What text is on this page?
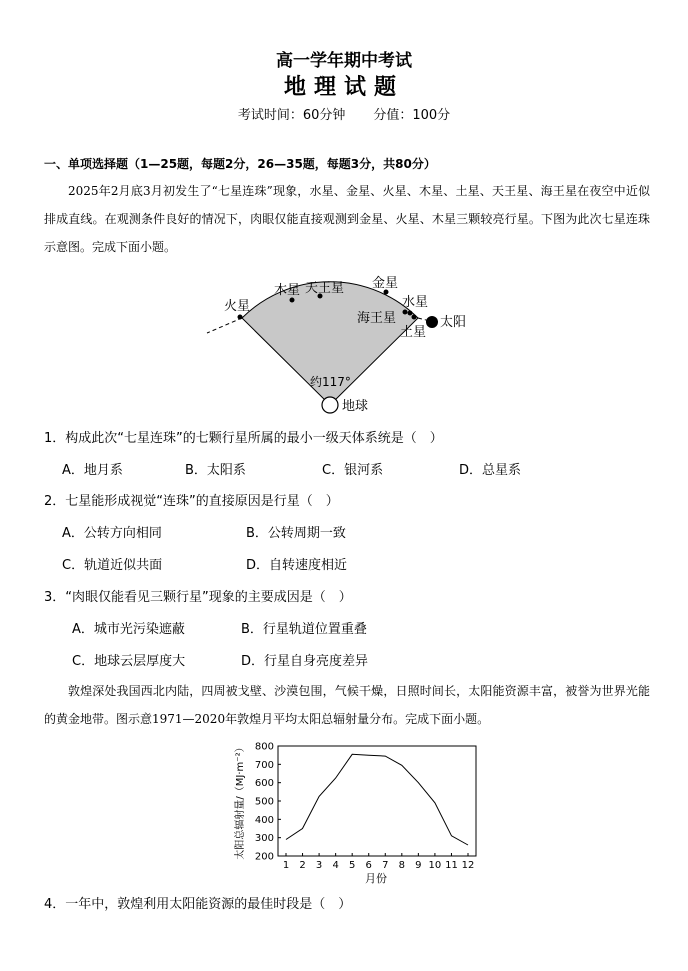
高一学年期中考试
地理试题
考试时间：60分钟 分值：100分
一、单项选择题（1—25题，每题2分，26—35题，每题3分，共80分）
2025年2月底3月初发生了“七星连珠”现象，水星、金星、火星、木星、土星、天王星、海王星在夜空中近似排成直线。在观测条件良好的情况下，肉眼仅能直接观测到金星、火星、木星三颗较亮行星。下图为此次七星连珠示意图。完成下面小题。
火星
木星 天王星 金星
水星
海王星
土星
太阳
约117°
地球
1．构成此次“七星连珠”的七颗行星所属的最小一级天体系统是（　）
A．地月系	B．太阳系	C．银河系	D．总星系
2．七星能形成视觉“连珠”的直接原因是行星（　）
A．公转方向相同	B．公转周期一致
C．轨道近似共面	D．自转速度相近
3．“肉眼仅能看见三颗行星”现象的主要成因是（　）
A．城市光污染遮蔽	B．行星轨道位置重叠
C．地球云层厚度大	D．行星自身亮度差异
敦煌深处我国西北内陆，四周被戈壁、沙漠包围，气候干燥，日照时间长，太阳能资源丰富，被誉为世界光能的黄金地带。图示意1971—2020年敦煌月平均太阳总辐射量分布。完成下面小题。
200
300
400
500
600
700
800
1 2 3 4 5 6 7 8 9 10 11 12
太阳总辐射量/（MJ·m⁻²）
月份
4．一年中，敦煌利用太阳能资源的最佳时段是（　）
